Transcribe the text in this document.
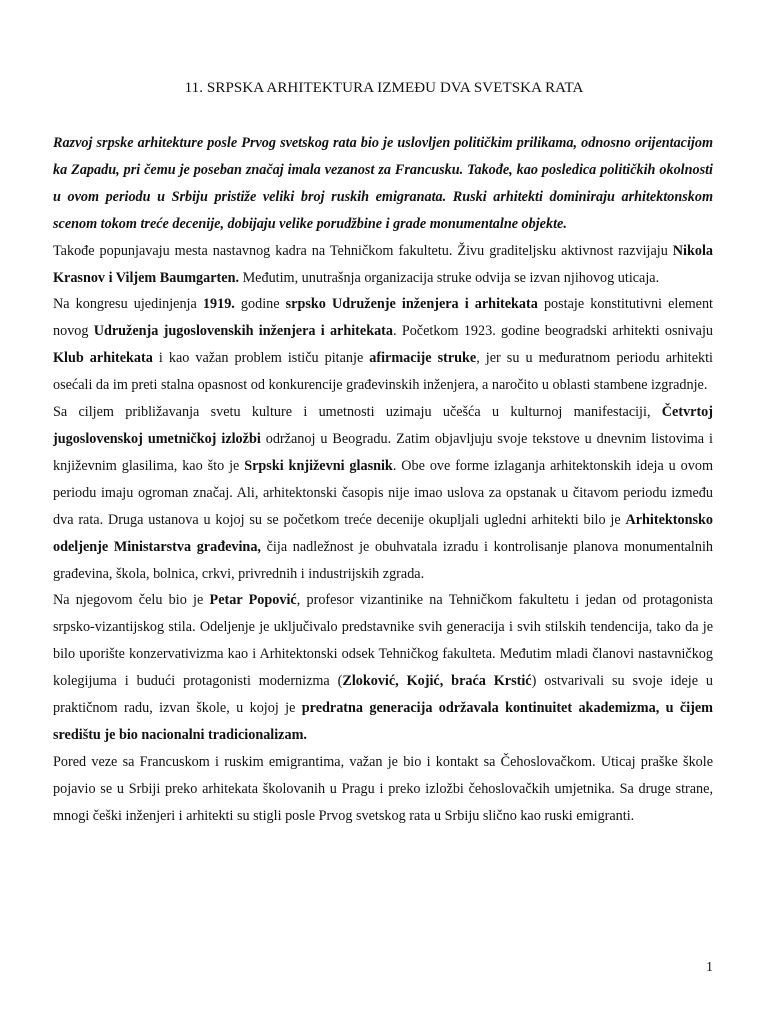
11. SRPSKA ARHITEKTURA IZMEĐU DVA SVETSKA RATA

Razvoj srpske arhitekture posle Prvog svetskog rata bio je uslovljen političkim prilikama, odnosno orijentacijom ka Zapadu, pri čemu je poseban značaj imala vezanost za Francusku. Takođe, kao posledica političkih okolnosti u ovom periodu u Srbiju pristiže veliki broj ruskih emigranata. Ruski arhitekti dominiraju arhitektonskom scenom tokom treće decenije, dobijaju velike porudžbine i grade monumentalne objekte.

Takođe popunjavaju mesta nastavnog kadra na Tehničkom fakultetu. Živu graditeljsku aktivnost razvijaju Nikola Krasnov i Viljem Baumgarten. Međutim, unutrašnja organizacija struke odvija se izvan njihovog uticaja.

Na kongresu ujedinjenja 1919. godine srpsko Udruženje inženjera i arhitekata postaje konstitutivni element novog Udruženja jugoslovenskih inženjera i arhitekata. Početkom 1923. godine beogradski arhitekti osnivaju Klub arhitekata i kao važan problem ističu pitanje afirmacije struke, jer su u međuratnom periodu arhitekti osećali da im preti stalna opasnost od konkurencije građevinskih inženjera, a naročito u oblasti stambene izgradnje.

Sa ciljem približavanja svetu kulture i umetnosti uzimaju učešća u kulturnoj manifestaciji, Četvrtoj jugoslovenskoj umetničkoj izložbi održanoj u Beogradu. Zatim objavljuju svoje tekstove u dnevnim listovima i književnim glasilima, kao što je Srpski književni glasnik. Obe ove forme izlaganja arhitektonskih ideja u ovom periodu imaju ogroman značaj. Ali, arhitektonski časopis nije imao uslova za opstanak u čitavom periodu između dva rata. Druga ustanova u kojoj su se početkom treće decenije okupljali ugledni arhitekti bilo je Arhitektonsko odeljenje Ministarstva građevina, čija nadležnost je obuhvatala izradu i kontrolisanje planova monumentalnih građevina, škola, bolnica, crkvi, privrednih i industrijskih zgrada.

Na njegovom čelu bio je Petar Popović, profesor vizantinike na Tehničkom fakultetu i jedan od protagonista srpsko-vizantijskog stila. Odeljenje je uključivalo predstavnike svih generacija i svih stilskih tendencija, tako da je bilo uporište konzervativizma kao i Arhitektonski odsek Tehničkog fakulteta. Međutim mladi članovi nastavničkog kolegijuma i budući protagonisti modernizma (Zloković, Kojić, braća Krstić) ostvarivali su svoje ideje u praktičnom radu, izvan škole, u kojoj je predratna generacija održavala kontinuitet akademizma, u čijem središtu je bio nacionalni tradicionalizam.

Pored veze sa Francuskom i ruskim emigrantima, važan je bio i kontakt sa Čehoslovačkom. Uticaj praške škole pojavio se u Srbiji preko arhitekata školovanih u Pragu i preko izložbi čehoslovačkih umjetnika. Sa druge strane, mnogi češki inženjeri i arhitekti su stigli posle Prvog svetskog rata u Srbiju slično kao ruski emigranti.

1
